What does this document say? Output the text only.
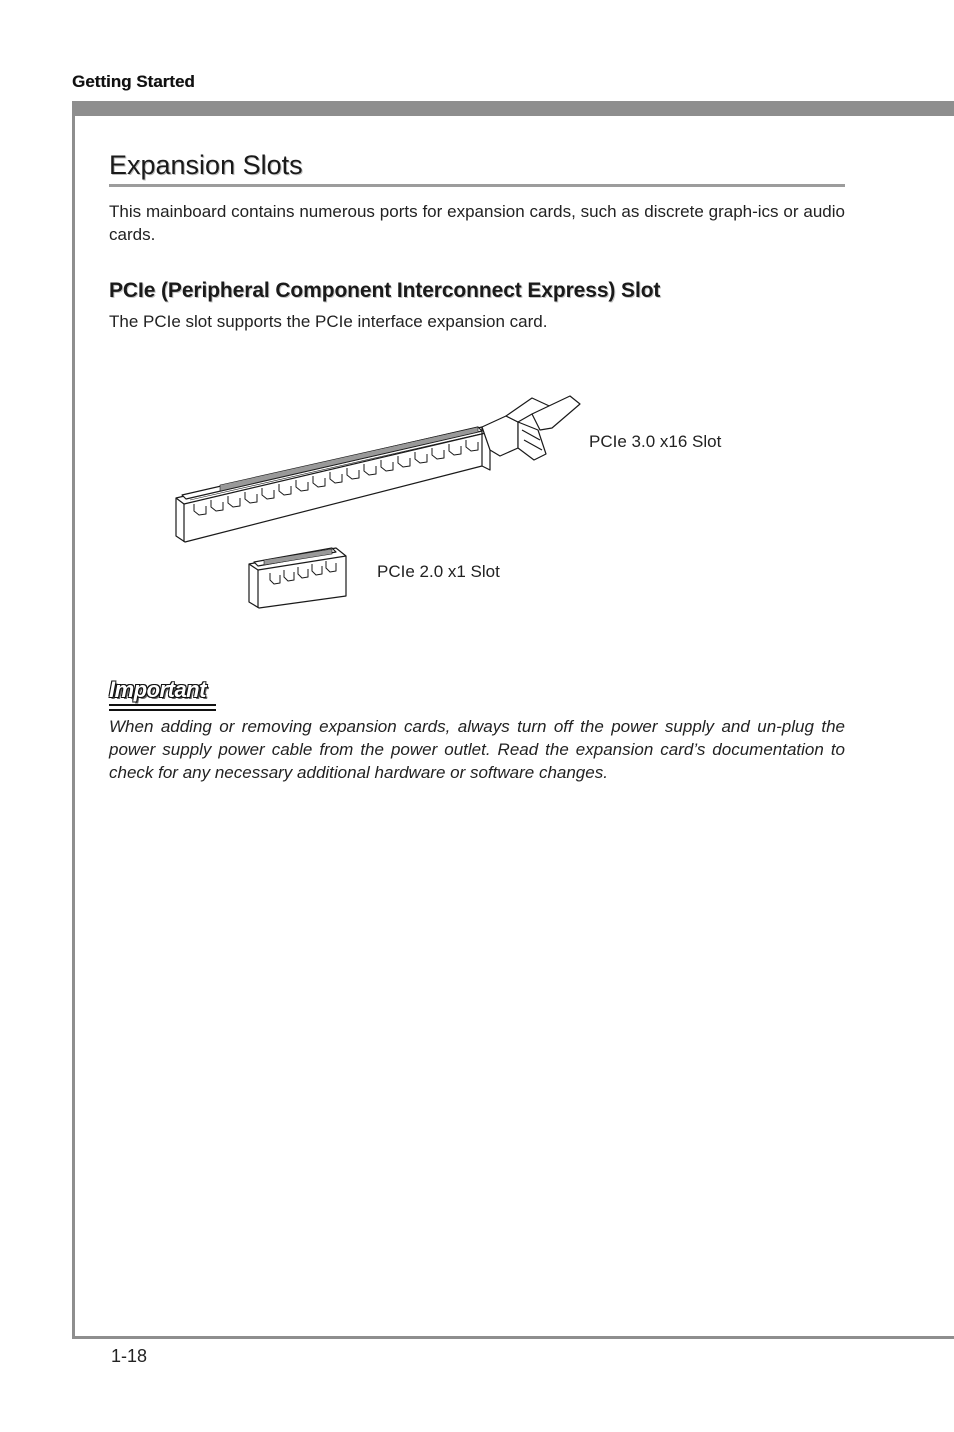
Getting Started
1-18
Expansion Slots
This mainboard contains numerous ports for expansion cards, such as discrete graph-ics or audio cards.
PCIe (Peripheral Component Interconnect Express) Slot
The PCIe slot supports the PCIe interface expansion card.
PCIe 3.0 x16 Slot
PCIe 2.0 x1 Slot
Important
When adding or removing expansion cards, always turn off the power supply and un-plug the power supply power cable from the power outlet. Read the expansion card’s documentation to check for any necessary additional hardware or software changes.
